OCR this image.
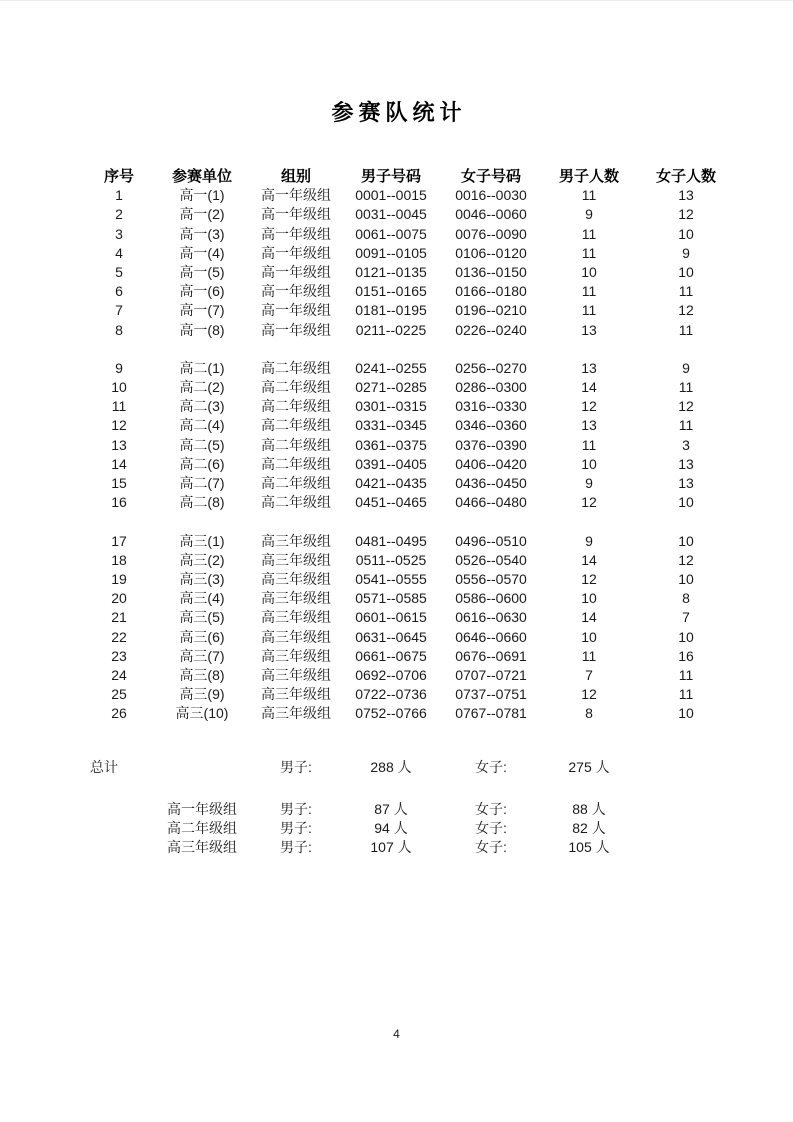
参赛队统计
序号	参赛单位	组别	男子号码	女子号码	男子人数	女子人数
1	高一(1)	高一年级组	0001--0015	0016--0030	11	13
2	高一(2)	高一年级组	0031--0045	0046--0060	9	12
3	高一(3)	高一年级组	0061--0075	0076--0090	11	10
4	高一(4)	高一年级组	0091--0105	0106--0120	11	9
5	高一(5)	高一年级组	0121--0135	0136--0150	10	10
6	高一(6)	高一年级组	0151--0165	0166--0180	11	11
7	高一(7)	高一年级组	0181--0195	0196--0210	11	12
8	高一(8)	高一年级组	0211--0225	0226--0240	13	11
9	高二(1)	高二年级组	0241--0255	0256--0270	13	9
10	高二(2)	高二年级组	0271--0285	0286--0300	14	11
11	高二(3)	高二年级组	0301--0315	0316--0330	12	12
12	高二(4)	高二年级组	0331--0345	0346--0360	13	11
13	高二(5)	高二年级组	0361--0375	0376--0390	11	3
14	高二(6)	高二年级组	0391--0405	0406--0420	10	13
15	高二(7)	高二年级组	0421--0435	0436--0450	9	13
16	高二(8)	高二年级组	0451--0465	0466--0480	12	10
17	高三(1)	高三年级组	0481--0495	0496--0510	9	10
18	高三(2)	高三年级组	0511--0525	0526--0540	14	12
19	高三(3)	高三年级组	0541--0555	0556--0570	12	10
20	高三(4)	高三年级组	0571--0585	0586--0600	10	8
21	高三(5)	高三年级组	0601--0615	0616--0630	14	7
22	高三(6)	高三年级组	0631--0645	0646--0660	10	10
23	高三(7)	高三年级组	0661--0675	0676--0691	11	16
24	高三(8)	高三年级组	0692--0706	0707--0721	7	11
25	高三(9)	高三年级组	0722--0736	0737--0751	12	11
26	高三(10)	高三年级组	0752--0766	0767--0781	8	10
总计	男子:	288 人	女子:	275 人
高一年级组	男子:	87 人	女子:	88 人
高二年级组	男子:	94 人	女子:	82 人
高三年级组	男子:	107 人	女子:	105 人
4
